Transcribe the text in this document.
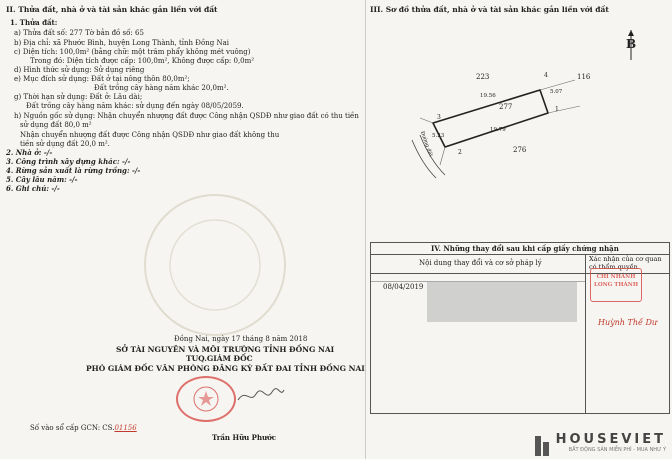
II. Thửa đất, nhà ở và tài sản khác gắn liền với đất
1. Thửa đất:
a) Thửa đất số: 277 Tờ bản đồ số: 65
b) Địa chỉ: xã Phước Bình, huyện Long Thành, tỉnh Đồng Nai
c) Diện tích: 100,0m² (bằng chữ: một trăm phẩy không mét vuông)
Trong đó: Diện tích được cấp: 100,0m², Không được cấp: 0,0m²
d) Hình thức sử dụng: Sử dụng riêng
e) Mục đích sử dụng: Đất ở tại nông thôn 80,0m²;
Đất trồng cây hàng năm khác 20,0m².
g) Thời hạn sử dụng: Đất ở: Lâu dài;
Đất trồng cây hàng năm khác: sử dụng đến ngày 08/05/2059.
h) Nguồn gốc sử dụng: Nhận chuyển nhượng đất được Công nhận QSDĐ như giao đất có thu tiền
sử dụng đất 80,0 m²
Nhận chuyển nhượng đất được Công nhận QSDĐ như giao đất không thu
tiền sử dụng đất 20,0 m².
2. Nhà ở: -/-
3. Công trình xây dựng khác: -/-
4. Rừng sản xuất là rừng trồng: -/-
5. Cây lâu năm: -/-
6. Ghi chú: -/-
Đồng Nai, ngày 17 tháng 8 năm 2018
SỞ TÀI NGUYÊN VÀ MÔI TRƯỜNG TỈNH ĐỒNG NAI
TUQ.GIÁM ĐỐC
PHÓ GIÁM ĐỐC VĂN PHÒNG ĐĂNG KÝ ĐẤT ĐAI TỈNH ĐỒNG NAI
Số vào sổ cấp GCN: CS.01156
Trần Hữu Phước
III. Sơ đồ thửa đất, nhà ở và tài sản khác gắn liền với đất
B
223	116
277
276
19.56
19.79
5.07
5.23
4
1
3
2
Đường đất
IV. Những thay đổi sau khi cấp giấy chứng nhận
Nội dung thay đổi và cơ sở pháp lý	Xác nhận của cơ quan có thẩm quyền
08/04/2019
CHI NHÁNH LONG THÀNH
Huỳnh Thế Dư
HOUSEVIET
BẤT ĐỘNG SẢN MIỄN PHÍ - MUA NHƯ Ý
